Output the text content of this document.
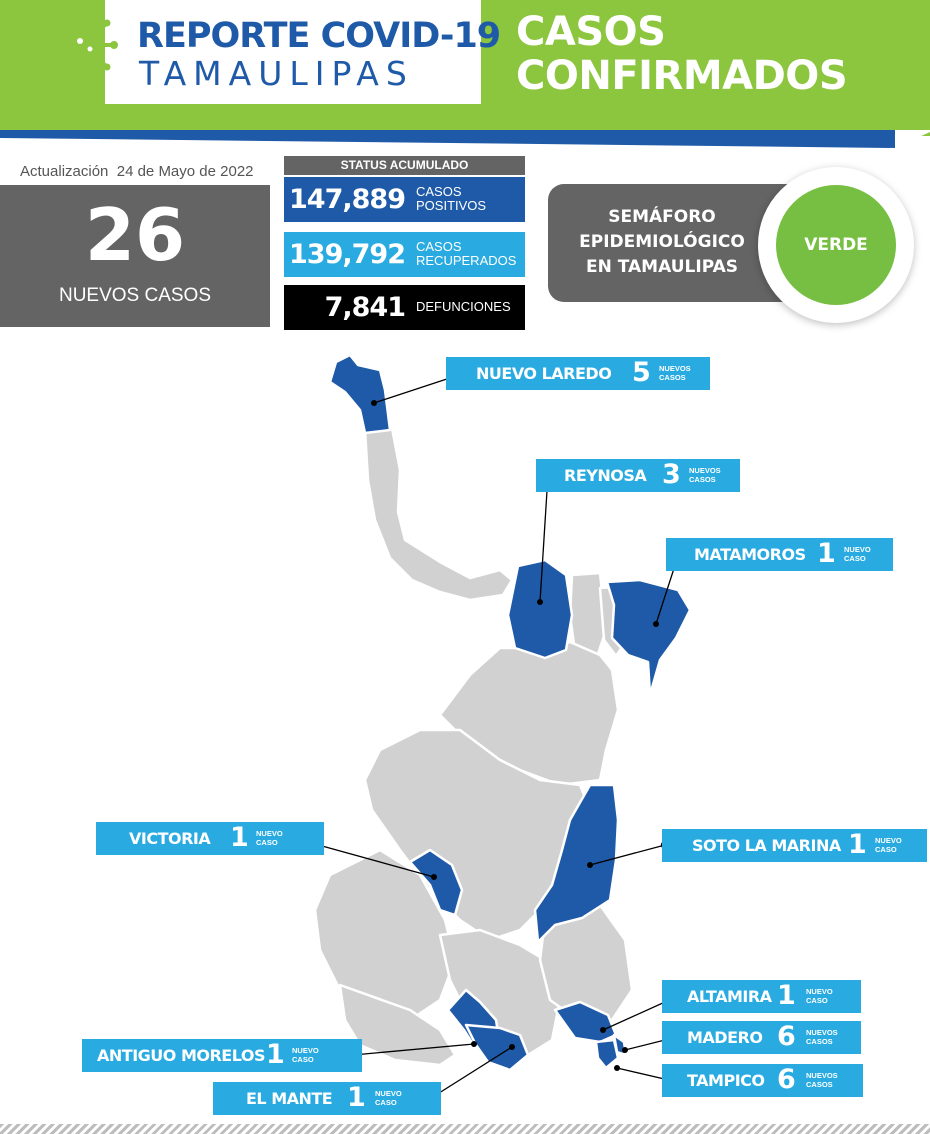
REPORTE COVID-19
TAMAULIPAS
CASOS
CONFIRMADOS
Actualización 24 de Mayo de 2022
26
NUEVOS CASOS
STATUS ACUMULADO
147,889 CASOS
POSITIVOS
139,792 CASOS
RECUPERADOS
7,841 DEFUNCIONES
SEMÁFORO
EPIDEMIOLÓGICO
EN TAMAULIPAS
VERDE
NUEVO LAREDO 5 NUEVOS
CASOS
REYNOSA 3 NUEVOS
CASOS
MATAMOROS 1 NUEVO
CASO
VICTORIA 1 NUEVO
CASO	SOTO LA MARINA 1 NUEVO
CASO
ALTAMIRA 1 NUEVO
CASO
MADERO 6 NUEVOS
CASOS
TAMPICO 6 NUEVOS
CASOS
ANTIGUO MORELOS 1 NUEVO
CASO
EL MANTE 1 NUEVO
CASO
